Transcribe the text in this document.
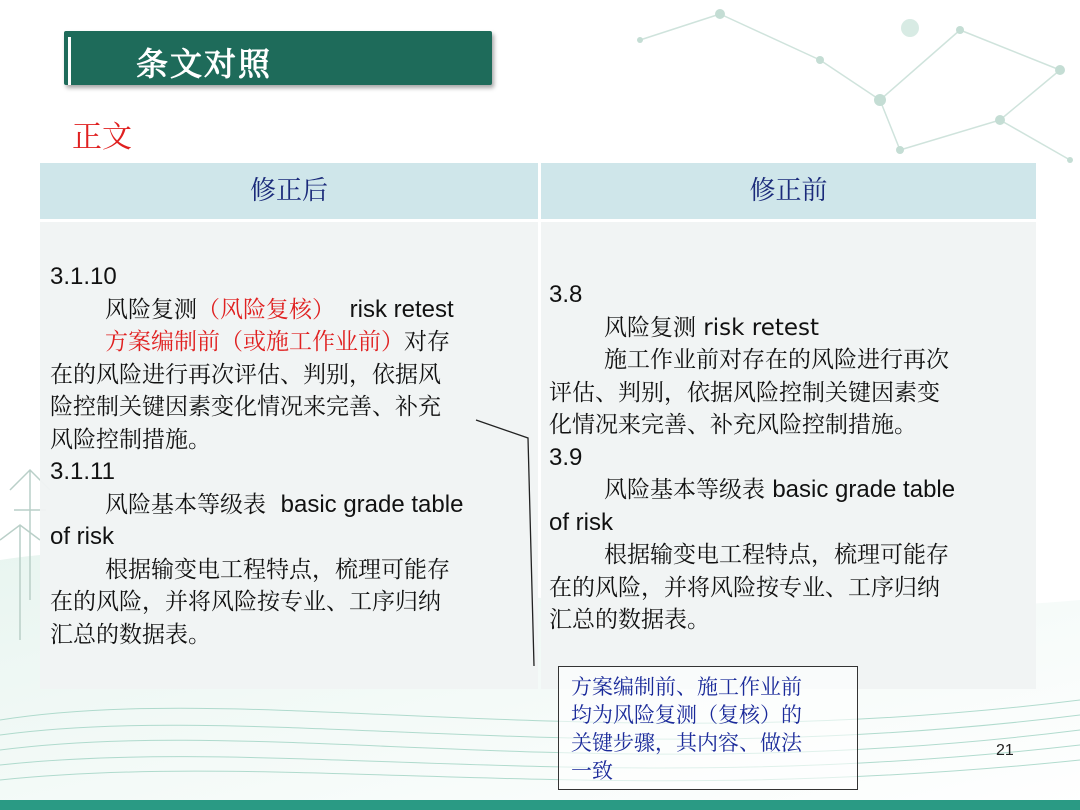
条文对照
正文
修正后	修正前

3.1.10

风险复测（风险复核） risk retest

方案编制前（或施工作业前）对存

在的风险进行再次评估、判别，依据风

险控制关键因素变化情况来完善、补充

风险控制措施。

3.1.11

风险基本等级表 basic grade table

of risk

根据输变电工程特点，梳理可能存

在的风险，并将风险按专业、工序归纳

汇总的数据表。

3.8

风险复测 risk retest

施工作业前对存在的风险进行再次

评估、判别，依据风险控制关键因素变

化情况来完善、补充风险控制措施。

3.9

风险基本等级表 basic grade table

of risk

根据输变电工程特点，梳理可能存

在的风险，并将风险按专业、工序归纳

汇总的数据表。

方案编制前、施工作业前
均为风险复测（复核）的
关键步骤，其内容、做法
一致
21
